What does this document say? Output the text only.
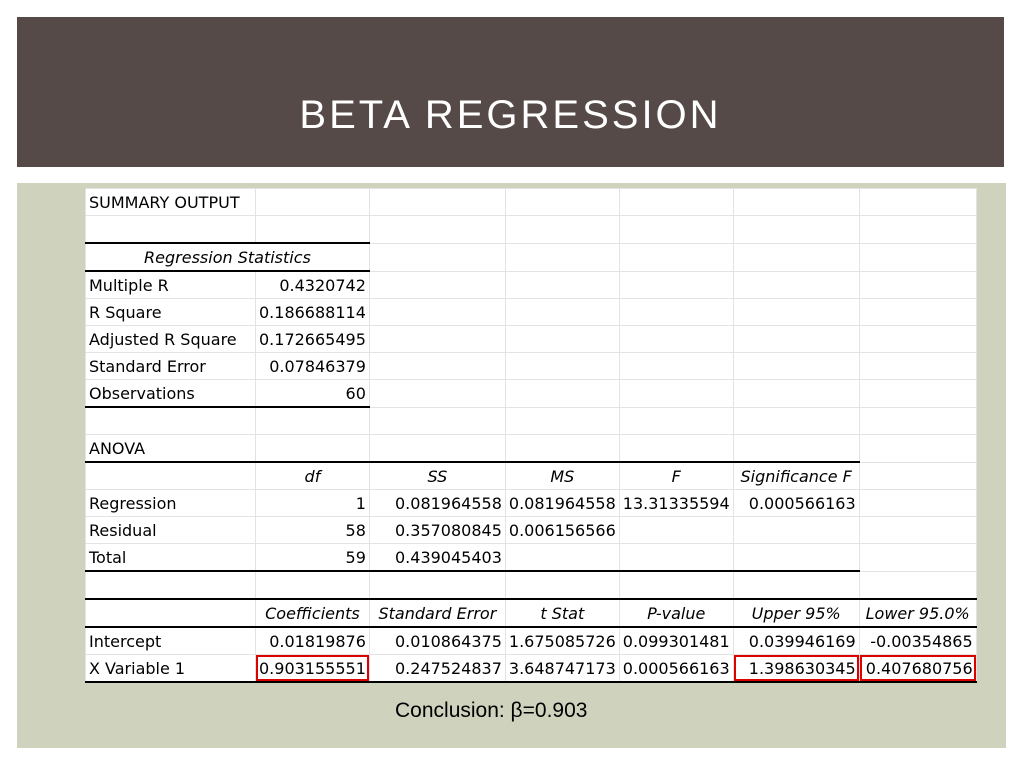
BETA REGRESSION
SUMMARY OUTPUT						

Regression Statistics						
Multiple R	0.4320742					
R Square	0.186688114					
Adjusted R Square	0.172665495					
Standard Error	0.07846379					
Observations	60					

ANOVA						
	df	SS	MS	F	Significance F	
Regression	1	0.081964558	0.081964558	13.31335594	0.000566163	
Residual	58	0.357080845	0.006156566			
Total	59	0.439045403				

	Coefficients	Standard Error	t Stat	P-value	Upper 95%	Lower 95.0%
Intercept	0.01819876	0.010864375	1.675085726	0.099301481	0.039946169	-0.00354865
X Variable 1	0.903155551	0.247524837	3.648747173	0.000566163	1.398630345	0.407680756
Conclusion: β=0.903
